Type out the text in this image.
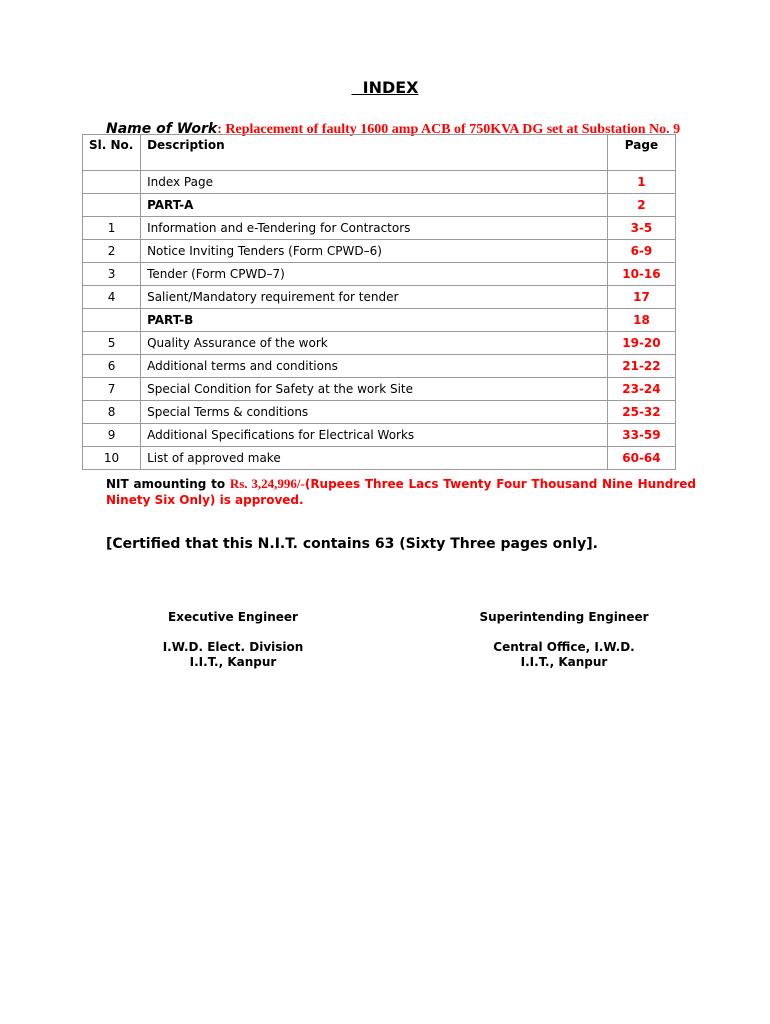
INDEX
Name of Work: Replacement of faulty 1600 amp ACB of 750KVA DG set at Substation No. 9
Sl. No.	Description	Page
	Index Page	1
	PART-A	2
1	Information and e-Tendering for Contractors	3-5
2	Notice Inviting Tenders (Form CPWD–6)	6-9
3	Tender (Form CPWD–7)	10-16
4	Salient/Mandatory requirement for tender	17
	PART-B	18
5	Quality Assurance of the work	19-20
6	Additional terms and conditions	21-22
7	Special Condition for Safety at the work Site	23-24
8	Special Terms & conditions	25-32
9	Additional Specifications for Electrical Works	33-59
10	List of approved make	60-64
NIT amounting to Rs. 3,24,996/-(Rupees Three Lacs Twenty Four Thousand Nine Hundred Ninety Six Only) is approved.
[Certified that this N.I.T. contains 63 (Sixty Three pages only].
Executive Engineer
I.W.D. Elect. Division
I.I.T., Kanpur
Superintending Engineer
Central Office, I.W.D.
I.I.T., Kanpur
